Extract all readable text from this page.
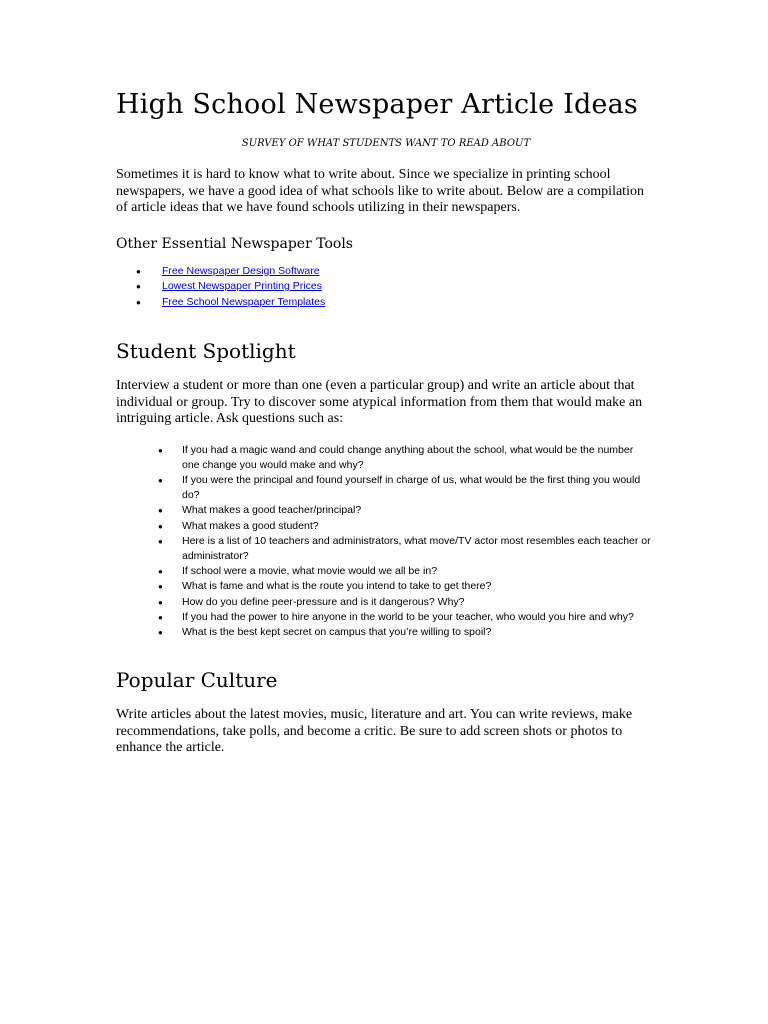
High School Newspaper Article Ideas
SURVEY OF WHAT STUDENTS WANT TO READ ABOUT

Sometimes it is hard to know what to write about. Since we specialize in printing school newspapers, we have a good idea of what schools like to write about. Below are a compilation of article ideas that we have found schools utilizing in their newspapers.

Other Essential Newspaper Tools
● Free Newspaper Design Software
● Lowest Newspaper Printing Prices
● Free School Newspaper Templates
Student Spotlight

Interview a student or more than one (even a particular group) and write an article about that individual or group. Try to discover some atypical information from them that would make an intriguing article. Ask questions such as:

● If you had a magic wand and could change anything about the school, what would be the number one change you would make and why?
● If you were the principal and found yourself in charge of us, what would be the first thing you would do?
● What makes a good teacher/principal?
● What makes a good student?
● Here is a list of 10 teachers and administrators, what move/TV actor most resembles each teacher or administrator?
● If school were a movie, what movie would we all be in?
● What is fame and what is the route you intend to take to get there?
● How do you define peer-pressure and is it dangerous? Why?
● If you had the power to hire anyone in the world to be your teacher, who would you hire and why?
● What is the best kept secret on campus that you’re willing to spoil?
Popular Culture

Write articles about the latest movies, music, literature and art. You can write reviews, make recommendations, take polls, and become a critic. Be sure to add screen shots or photos to enhance the article.
